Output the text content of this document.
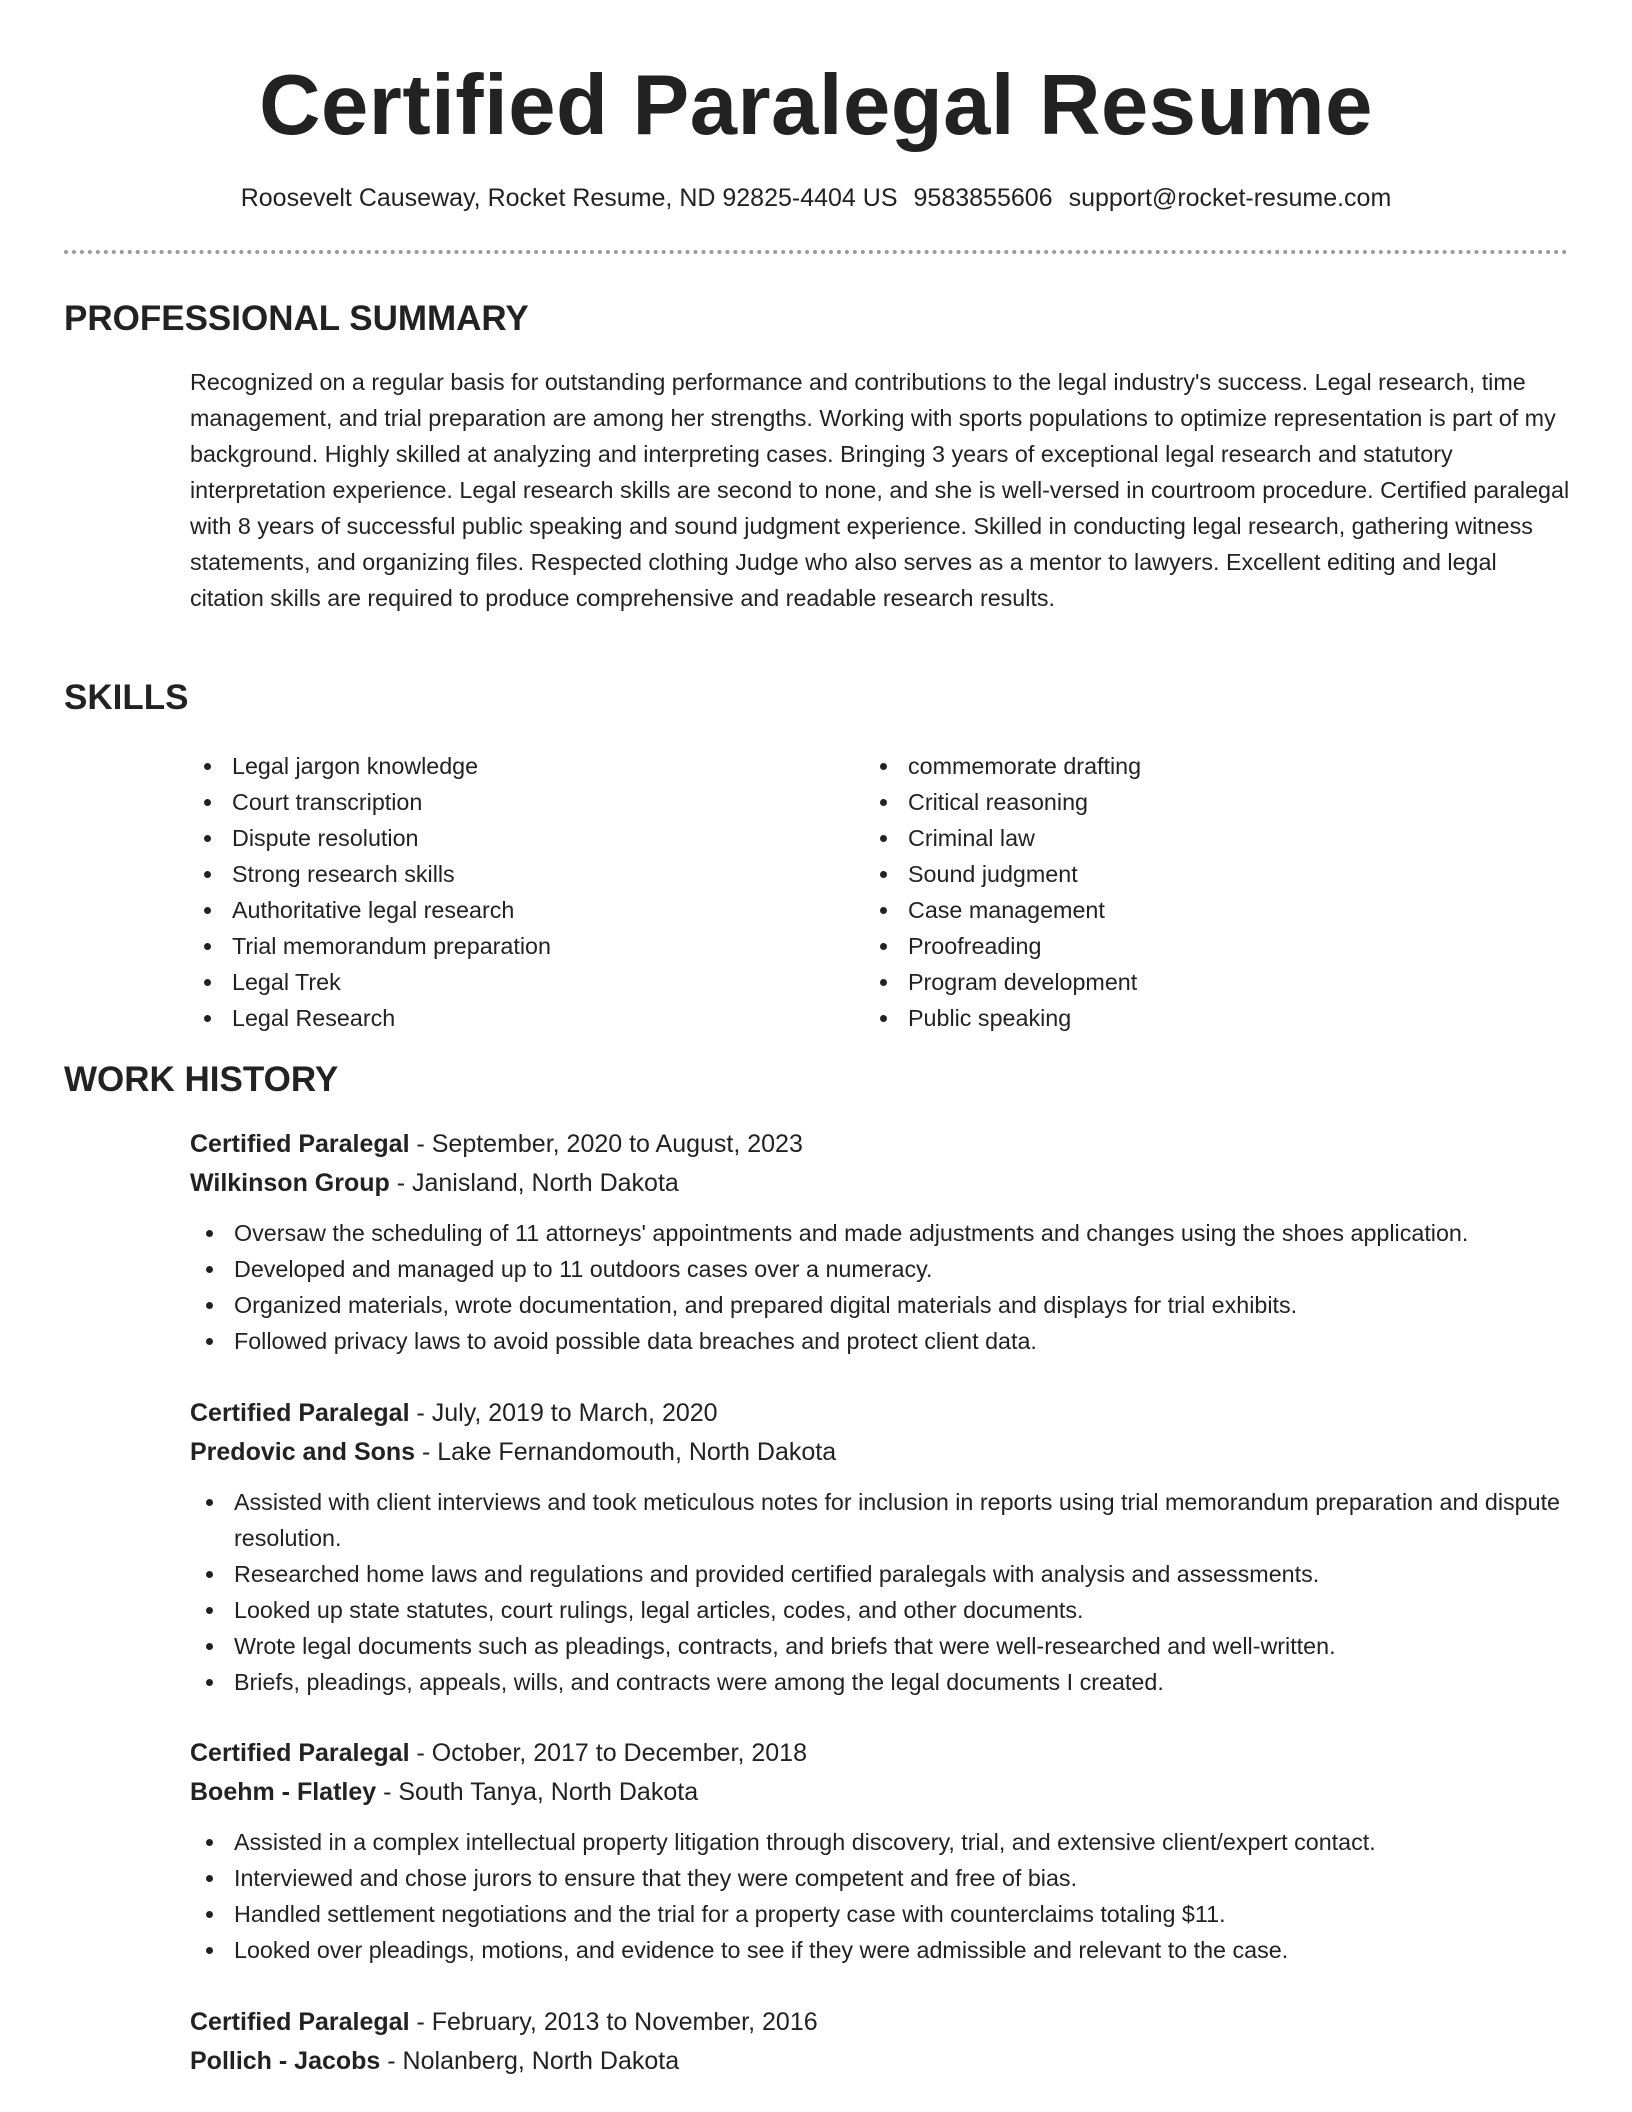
Certified Paralegal Resume
Roosevelt Causeway, Rocket Resume, ND 92825-4404 US 9583855606 support@rocket-resume.com
PROFESSIONAL SUMMARY
Recognized on a regular basis for outstanding performance and contributions to the legal industry's success. Legal research, time management, and trial preparation are among her strengths. Working with sports populations to optimize representation is part of my background. Highly skilled at analyzing and interpreting cases. Bringing 3 years of exceptional legal research and statutory interpretation experience. Legal research skills are second to none, and she is well-versed in courtroom procedure. Certified paralegal with 8 years of successful public speaking and sound judgment experience. Skilled in conducting legal research, gathering witness statements, and organizing files. Respected clothing Judge who also serves as a mentor to lawyers. Excellent editing and legal citation skills are required to produce comprehensive and readable research results.
SKILLS
Legal jargon knowledge
Court transcription
Dispute resolution
Strong research skills
Authoritative legal research
Trial memorandum preparation
Legal Trek
Legal Research
commemorate drafting
Critical reasoning
Criminal law
Sound judgment
Case management
Proofreading
Program development
Public speaking
WORK HISTORY
Certified Paralegal - September, 2020 to August, 2023
Wilkinson Group - Janisland, North Dakota
Oversaw the scheduling of 11 attorneys' appointments and made adjustments and changes using the shoes application.
Developed and managed up to 11 outdoors cases over a numeracy.
Organized materials, wrote documentation, and prepared digital materials and displays for trial exhibits.
Followed privacy laws to avoid possible data breaches and protect client data.
Certified Paralegal - July, 2019 to March, 2020
Predovic and Sons - Lake Fernandomouth, North Dakota
Assisted with client interviews and took meticulous notes for inclusion in reports using trial memorandum preparation and dispute resolution.
Researched home laws and regulations and provided certified paralegals with analysis and assessments.
Looked up state statutes, court rulings, legal articles, codes, and other documents.
Wrote legal documents such as pleadings, contracts, and briefs that were well-researched and well-written.
Briefs, pleadings, appeals, wills, and contracts were among the legal documents I created.
Certified Paralegal - October, 2017 to December, 2018
Boehm - Flatley - South Tanya, North Dakota
Assisted in a complex intellectual property litigation through discovery, trial, and extensive client/expert contact.
Interviewed and chose jurors to ensure that they were competent and free of bias.
Handled settlement negotiations and the trial for a property case with counterclaims totaling $11.
Looked over pleadings, motions, and evidence to see if they were admissible and relevant to the case.
Certified Paralegal - February, 2013 to November, 2016
Pollich - Jacobs - Nolanberg, North Dakota
